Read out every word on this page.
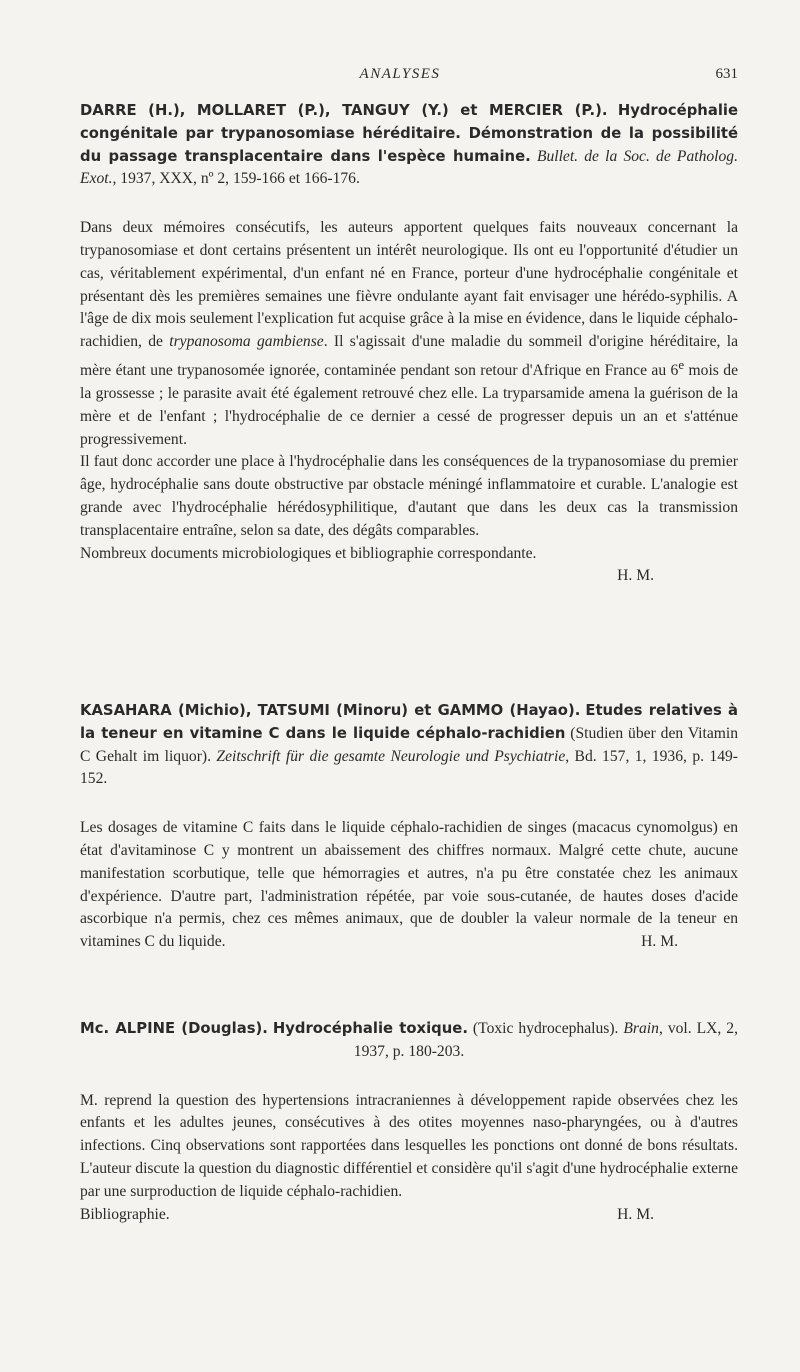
ANALYSES	631
DARRE (H.), MOLLARET (P.), TANGUY (Y.) et MERCIER (P.). Hydrocéphalie congénitale par trypanosomiase héréditaire. Démonstration de la possibilité du passage transplacentaire dans l'espèce humaine. Bullet. de la Soc. de Patholog. Exot., 1937, XXX, nº 2, 159-166 et 166-176.

Dans deux mémoires consécutifs, les auteurs apportent quelques faits nouveaux concernant la trypanosomiase et dont certains présentent un intérêt neurologique. Ils ont eu l'opportunité d'étudier un cas, véritablement expérimental, d'un enfant né en France, porteur d'une hydrocéphalie congénitale et présentant dès les premières semaines une fièvre ondulante ayant fait envisager une hérédo-syphilis. A l'âge de dix mois seulement l'explication fut acquise grâce à la mise en évidence, dans le liquide céphalo-rachidien, de trypanosoma gambiense. Il s'agissait d'une maladie du sommeil d'origine héréditaire, la mère étant une trypanosomée ignorée, contaminée pendant son retour d'Afrique en France au 6e mois de la grossesse ; le parasite avait été également retrouvé chez elle. La tryparsamide amena la guérison de la mère et de l'enfant ; l'hydrocéphalie de ce dernier a cessé de progresser depuis un an et s'atténue progressivement.

Il faut donc accorder une place à l'hydrocéphalie dans les conséquences de la trypanosomiase du premier âge, hydrocéphalie sans doute obstructive par obstacle méningé inflammatoire et curable. L'analogie est grande avec l'hydrocéphalie hérédosyphilitique, d'autant que dans les deux cas la transmission transplacentaire entraîne, selon sa date, des dégâts comparables.

Nombreux documents microbiologiques et bibliographie correspondante.

H. M.

KASAHARA (Michio), TATSUMI (Minoru) et GAMMO (Hayao). Etudes relatives à la teneur en vitamine C dans le liquide céphalo-rachidien (Studien über den Vitamin C Gehalt im liquor). Zeitschrift für die gesamte Neurologie und Psychiatrie, Bd. 157, 1, 1936, p. 149-152.

Les dosages de vitamine C faits dans le liquide céphalo-rachidien de singes (macacus cynomolgus) en état d'avitaminose C y montrent un abaissement des chiffres normaux. Malgré cette chute, aucune manifestation scorbutique, telle que hémorragies et autres, n'a pu être constatée chez les animaux d'expérience. D'autre part, l'administration répétée, par voie sous-cutanée, de hautes doses d'acide ascorbique n'a permis, chez ces mêmes animaux, que de doubler la valeur normale de la teneur en vitamines C du liquide.	H. M.

Mc. ALPINE (Douglas). Hydrocéphalie toxique. (Toxic hydrocephalus). Brain, vol. LX, 2, 1937, p. 180-203.

M. reprend la question des hypertensions intracraniennes à développement rapide observées chez les enfants et les adultes jeunes, consécutives à des otites moyennes naso-pharyngées, ou à d'autres infections. Cinq observations sont rapportées dans lesquelles les ponctions ont donné de bons résultats. L'auteur discute la question du diagnostic différentiel et considère qu'il s'agit d'une hydrocéphalie externe par une surproduction de liquide céphalo-rachidien.

Bibliographie.	H. M.
